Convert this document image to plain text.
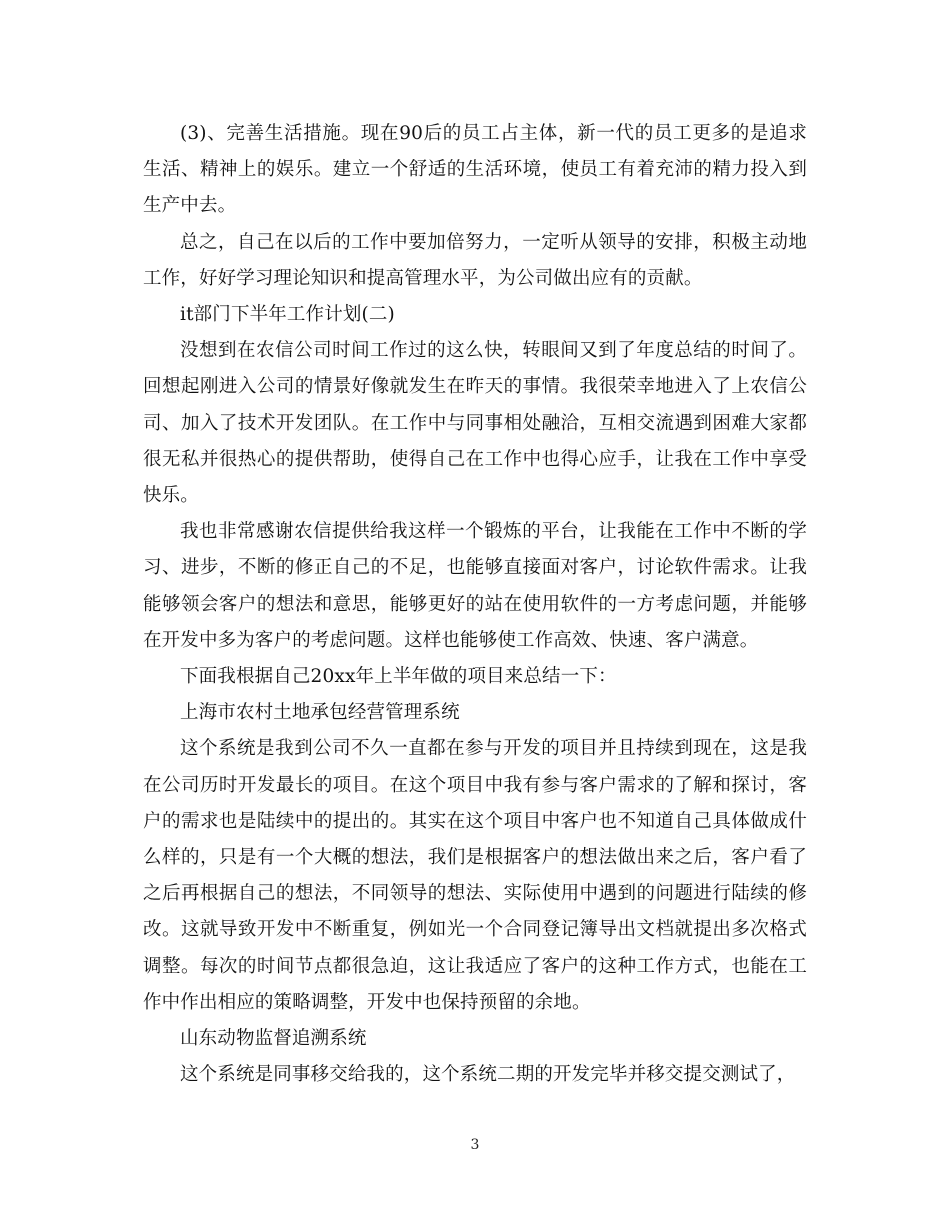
(3)、完善生活措施。现在90后的员工占主体，新一代的员工更多的是追求生活、精神上的娱乐。建立一个舒适的生活环境，使员工有着充沛的精力投入到生产中去。

总之，自己在以后的工作中要加倍努力，一定听从领导的安排，积极主动地工作，好好学习理论知识和提高管理水平，为公司做出应有的贡献。

it部门下半年工作计划(二)

没想到在农信公司时间工作过的这么快，转眼间又到了年度总结的时间了。回想起刚进入公司的情景好像就发生在昨天的事情。我很荣幸地进入了上农信公司、加入了技术开发团队。在工作中与同事相处融洽，互相交流遇到困难大家都很无私并很热心的提供帮助，使得自己在工作中也得心应手，让我在工作中享受快乐。

我也非常感谢农信提供给我这样一个锻炼的平台，让我能在工作中不断的学习、进步，不断的修正自己的不足，也能够直接面对客户，讨论软件需求。让我能够领会客户的想法和意思，能够更好的站在使用软件的一方考虑问题，并能够在开发中多为客户的考虑问题。这样也能够使工作高效、快速、客户满意。

下面我根据自己20xx年上半年做的项目来总结一下：

上海市农村土地承包经营管理系统

这个系统是我到公司不久一直都在参与开发的项目并且持续到现在，这是我在公司历时开发最长的项目。在这个项目中我有参与客户需求的了解和探讨，客户的需求也是陆续中的提出的。其实在这个项目中客户也不知道自己具体做成什么样的，只是有一个大概的想法，我们是根据客户的想法做出来之后，客户看了之后再根据自己的想法，不同领导的想法、实际使用中遇到的问题进行陆续的修改。这就导致开发中不断重复，例如光一个合同登记簿导出文档就提出多次格式调整。每次的时间节点都很急迫，这让我适应了客户的这种工作方式，也能在工作中作出相应的策略调整，开发中也保持预留的余地。

山东动物监督追溯系统

这个系统是同事移交给我的，这个系统二期的开发完毕并移交提交测试了，

3
